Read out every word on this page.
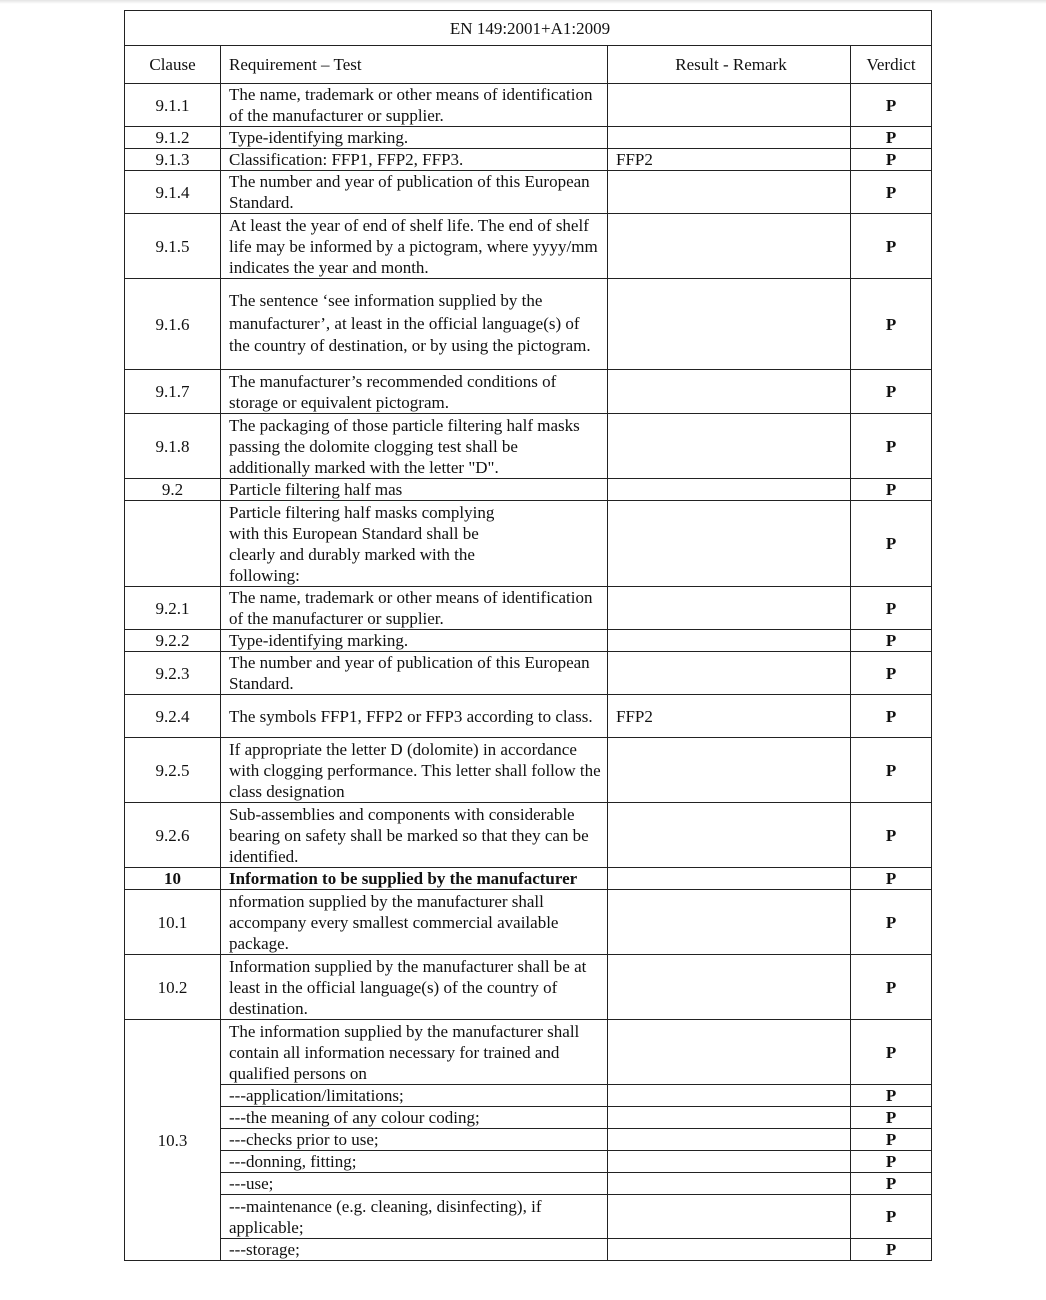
EN 149:2001+A1:2009			
Clause	Requirement – Test	Result - Remark	Verdict
9.1.1	The name, trademark or other means of identification of the manufacturer or supplier.		P
9.1.2	Type-identifying marking.		P
9.1.3	Classification: FFP1, FFP2, FFP3.	FFP2	P
9.1.4	The number and year of publication of this European Standard.		P
9.1.5	At least the year of end of shelf life. The end of shelf life may be informed by a pictogram, where yyyy/mm indicates the year and month.		P
9.1.6	The sentence ‘see information supplied by the manufacturer’, at least in the official language(s) of the country of destination, or by using the pictogram.		P
9.1.7	The manufacturer’s recommended conditions of storage or equivalent pictogram.		P
9.1.8	The packaging of those particle filtering half masks passing the dolomite clogging test shall be additionally marked with the letter "D".		P
9.2	Particle filtering half mas		P
	Particle filtering half masks complying with this European Standard shall be clearly and durably marked with the following:		P
9.2.1	The name, trademark or other means of identification of the manufacturer or supplier.		P
9.2.2	Type-identifying marking.		P
9.2.3	The number and year of publication of this European Standard.		P
9.2.4	The symbols FFP1, FFP2 or FFP3 according to class.	FFP2	P
9.2.5	If appropriate the letter D (dolomite) in accordance with clogging performance. This letter shall follow the class designation		P
9.2.6	Sub-assemblies and components with considerable bearing on safety shall be marked so that they can be identified.		P
10	Information to be supplied by the manufacturer		P
10.1	nformation supplied by the manufacturer shall accompany every smallest commercial available package.		P
10.2	Information supplied by the manufacturer shall be at least in the official language(s) of the country of destination.		P
10.3	The information supplied by the manufacturer shall contain all information necessary for trained and qualified persons on		P
	---application/limitations;		P
	---the meaning of any colour coding;		P
	---checks prior to use;		P
	---donning, fitting;		P
	---use;		P
	---maintenance (e.g. cleaning, disinfecting), if applicable;		P
	---storage;		P
